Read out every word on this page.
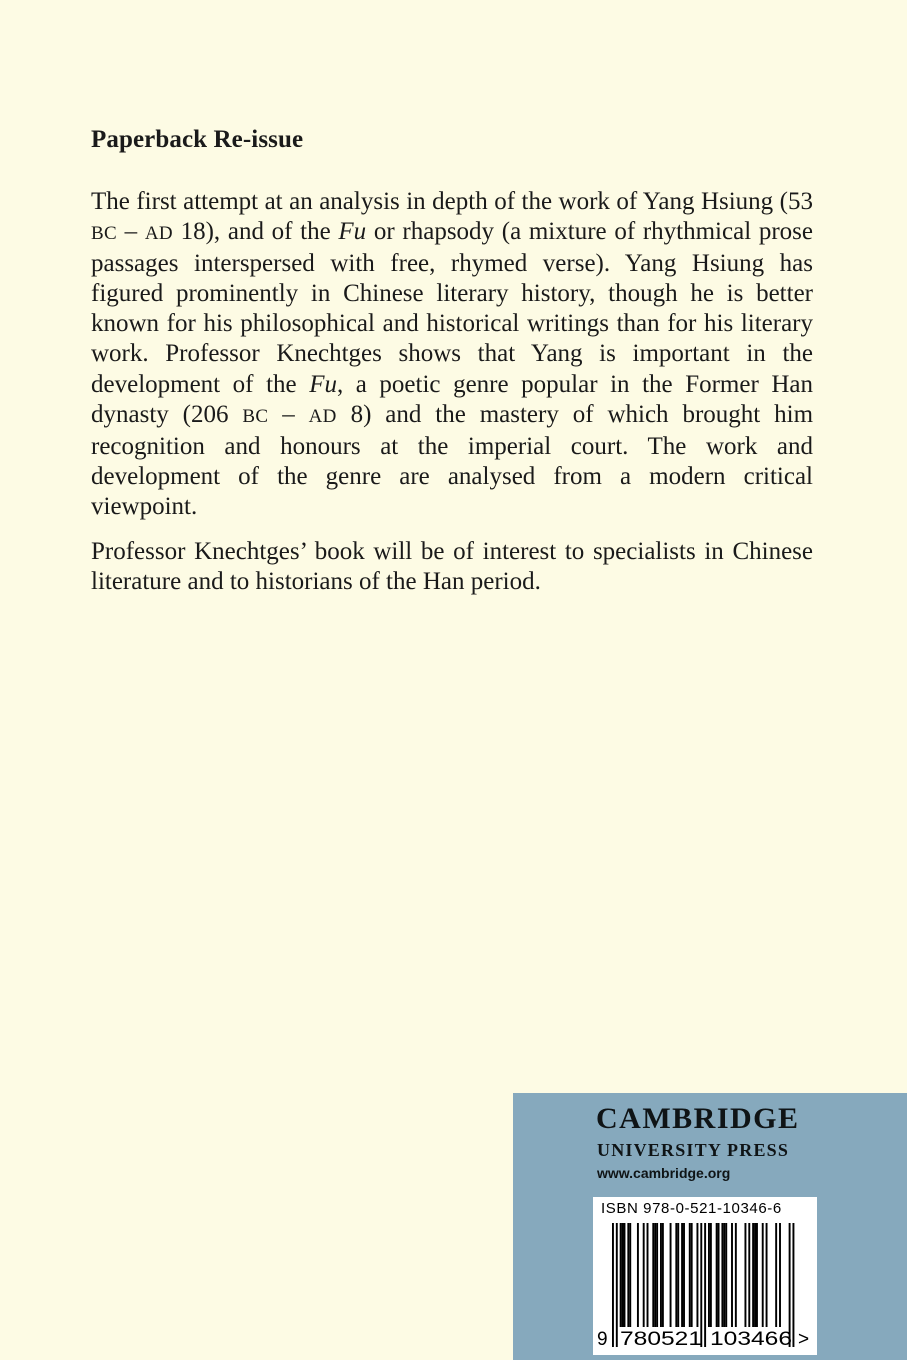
Paperback Re-issue

The first attempt at an analysis in depth of the work of Yang Hsiung (53 BC – AD 18), and of the Fu or rhapsody (a mixture of rhythmical prose passages interspersed with free, rhymed verse). Yang Hsiung has figured prominently in Chinese literary history, though he is better known for his philosophical and historical writings than for his literary work. Professor Knechtges shows that Yang is important in the development of the Fu, a poetic genre popular in the Former Han dynasty (206 BC – AD 8) and the mastery of which brought him recognition and honours at the imperial court. The work and development of the genre are analysed from a modern critical viewpoint.

Professor Knechtges’ book will be of interest to specialists in Chinese literature and to historians of the Han period.

CAMBRIDGE

UNIVERSITY PRESS

www.cambridge.org

ISBN 978-0-521-10346-6

9 780521 103466 >
